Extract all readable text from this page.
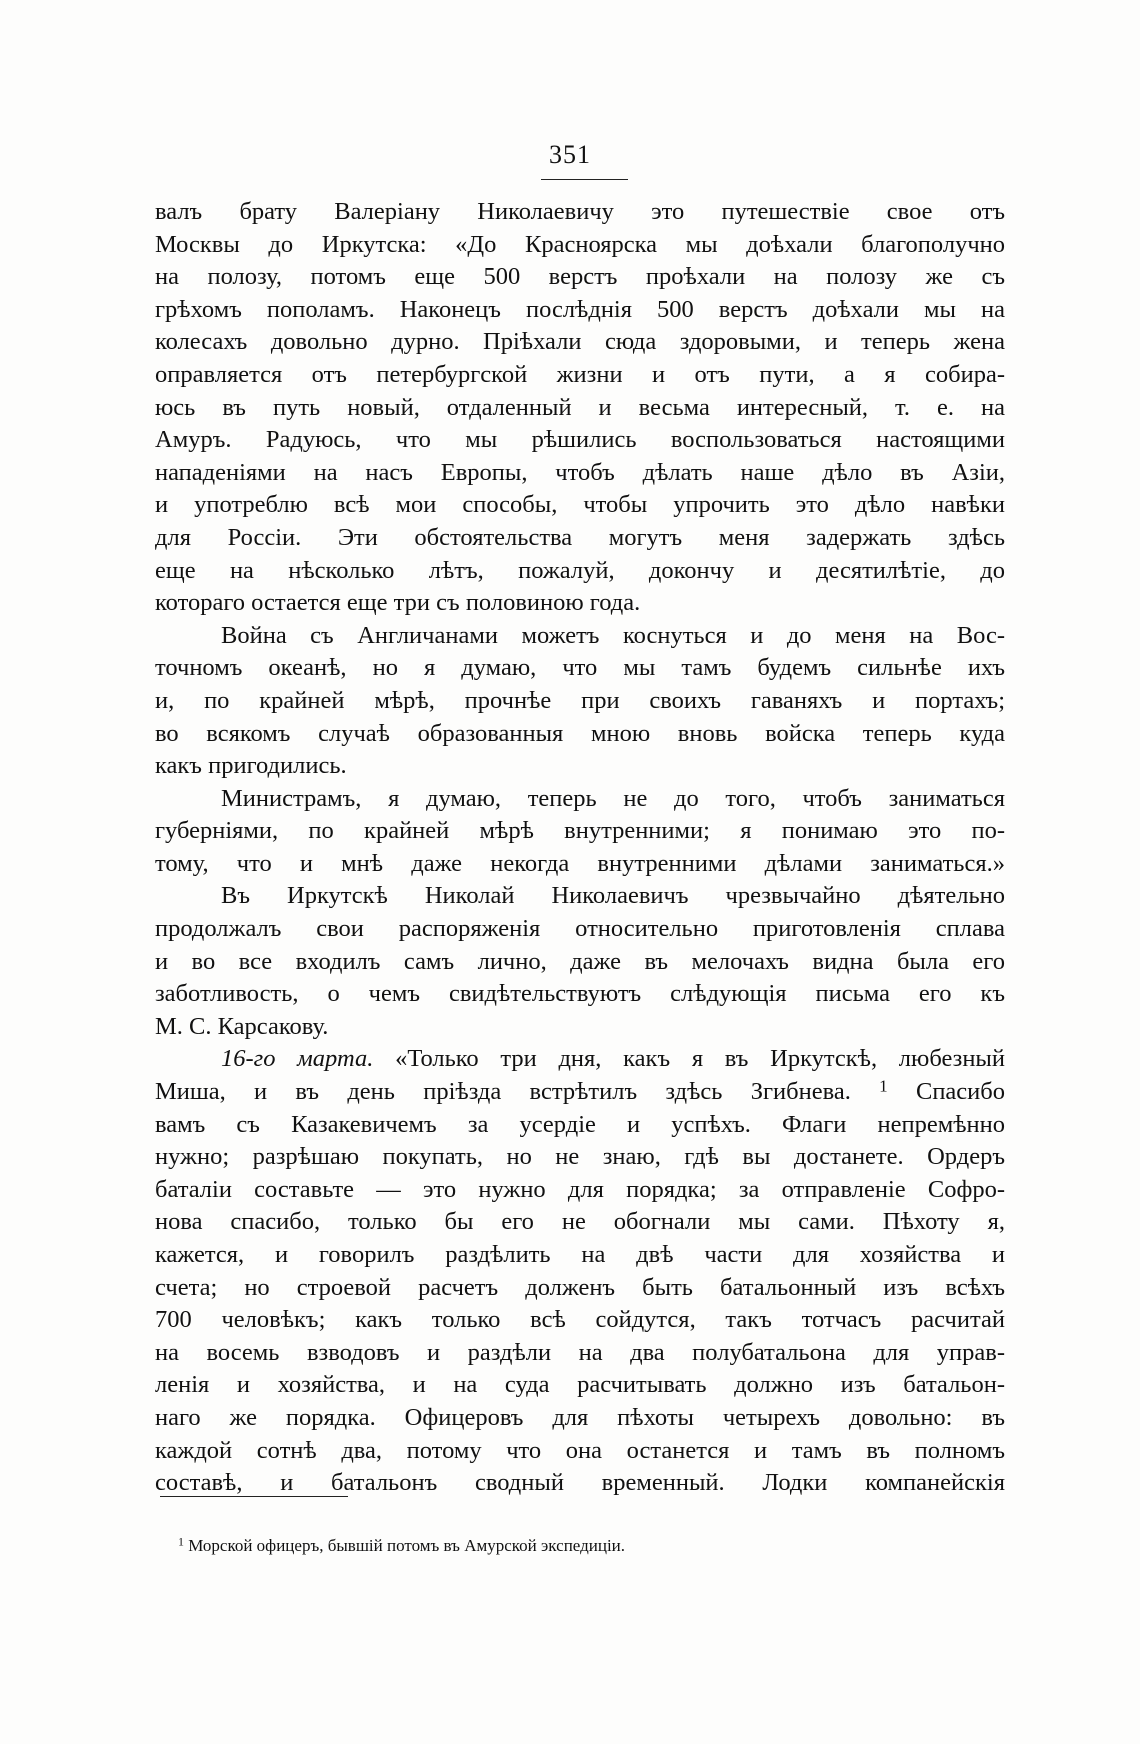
351
валъ брату Валеріану Николаевичу это путешествіе свое отъ
Москвы до Иркутска: «До Красноярска мы доѣхали благополучно
на полозу, потомъ еще 500 верстъ проѣхали на полозу же съ
грѣхомъ пополамъ. Наконецъ послѣднія 500 верстъ доѣхали мы на
колесахъ довольно дурно. Пріѣхали сюда здоровыми, и теперь жена
оправляется отъ петербургской жизни и отъ пути, а я собира-
юсь въ путь новый, отдаленный и весьма интересный, т. е. на
Амуръ. Радуюсь, что мы рѣшились воспользоваться настоящими
нападеніями на насъ Европы, чтобъ дѣлать наше дѣло въ Азіи,
и употреблю всѣ мои способы, чтобы упрочить это дѣло навѣки
для Россіи. Эти обстоятельства могутъ меня задержать здѣсь
еще на нѣсколько лѣтъ, пожалуй, докончу и десятилѣтіе, до
котораго остается еще три съ половиною года.
Война съ Англичанами можетъ коснуться и до меня на Вос-
точномъ океанѣ, но я думаю, что мы тамъ будемъ сильнѣе ихъ
и, по крайней мѣрѣ, прочнѣе при своихъ гаваняхъ и портахъ;
во всякомъ случаѣ образованныя мною вновь войска теперь куда
какъ пригодились.
Министрамъ, я думаю, теперь не до того, чтобъ заниматься
губерніями, по крайней мѣрѣ внутренними; я понимаю это по-
тому, что и мнѣ даже некогда внутренними дѣлами заниматься.»
Въ Иркутскѣ Николай Николаевичъ чрезвычайно дѣятельно
продолжалъ свои распоряженія относительно приготовленія сплава
и во все входилъ самъ лично, даже въ мелочахъ видна была его
заботливость, о чемъ свидѣтельствуютъ слѣдующія письма его къ
М. С. Карсакову.
16-го марта. «Только три дня, какъ я въ Иркутскѣ, любезный
Миша, и въ день пріѣзда встрѣтилъ здѣсь Згибнева. $^1$ Спасибо
вамъ съ Казакевичемъ за усердіе и успѣхъ. Флаги непремѣнно
нужно; разрѣшаю покупать, но не знаю, гдѣ вы достанете. Ордеръ
баталіи составьте — это нужно для порядка; за отправленіе Софро-
нова спасибо, только бы его не обогнали мы сами. Пѣхоту я,
кажется, и говорилъ раздѣлить на двѣ части для хозяйства и
счета; но строевой расчетъ долженъ быть батальонный изъ всѣхъ
700 человѣкъ; какъ только всѣ сойдутся, такъ тотчасъ расчитай
на восемь взводовъ и раздѣли на два полубатальона для управ-
ленія и хозяйства, и на суда расчитывать должно изъ батальон-
наго же порядка. Офицеровъ для пѣхоты четырехъ довольно: въ
каждой сотнѣ два, потому что она останется и тамъ въ полномъ
составѣ, и батальонъ сводный временный. Лодки компанейскія
$^1$ Морской офицеръ, бывшій потомъ въ Амурской экспедиціи.
